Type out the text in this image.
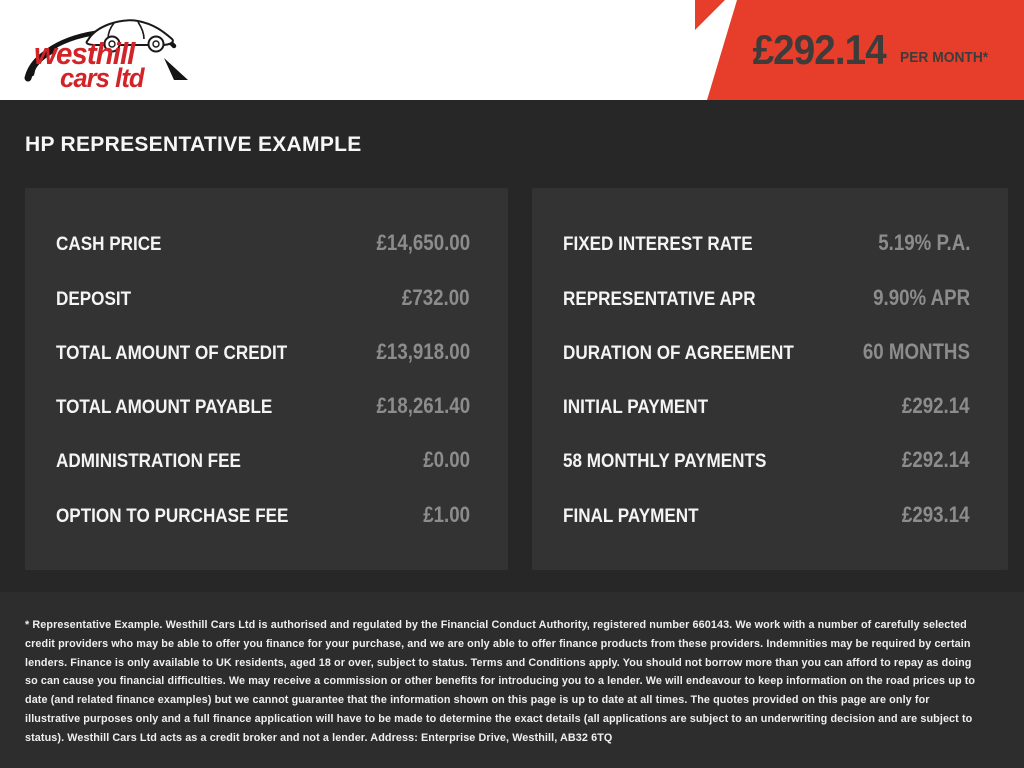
£292.14 PER MONTH*
westhill
cars ltd
HP REPRESENTATIVE EXAMPLE
CASH PRICE	£14,650.00
DEPOSIT	£732.00
TOTAL AMOUNT OF CREDIT	£13,918.00
TOTAL AMOUNT PAYABLE	£18,261.40
ADMINISTRATION FEE	£0.00
OPTION TO PURCHASE FEE	£1.00
FIXED INTEREST RATE	5.19% P.A.
REPRESENTATIVE APR	9.90% APR
DURATION OF AGREEMENT	60 MONTHS
INITIAL PAYMENT	£292.14
58 MONTHLY PAYMENTS	£292.14
FINAL PAYMENT	£293.14
* Representative Example. Westhill Cars Ltd is authorised and regulated by the Financial Conduct Authority, registered number 660143. We work with a number of carefully selected credit providers who may be able to offer you finance for your purchase, and we are only able to offer finance products from these providers. Indemnities may be required by certain lenders. Finance is only available to UK residents, aged 18 or over, subject to status. Terms and Conditions apply. You should not borrow more than you can afford to repay as doing so can cause you financial difficulties. We may receive a commission or other benefits for introducing you to a lender. We will endeavour to keep information on the road prices up to date (and related finance examples) but we cannot guarantee that the information shown on this page is up to date at all times. The quotes provided on this page are only for illustrative purposes only and a full finance application will have to be made to determine the exact details (all applications are subject to an underwriting decision and are subject to status). Westhill Cars Ltd acts as a credit broker and not a lender. Address: Enterprise Drive, Westhill, AB32 6TQ
